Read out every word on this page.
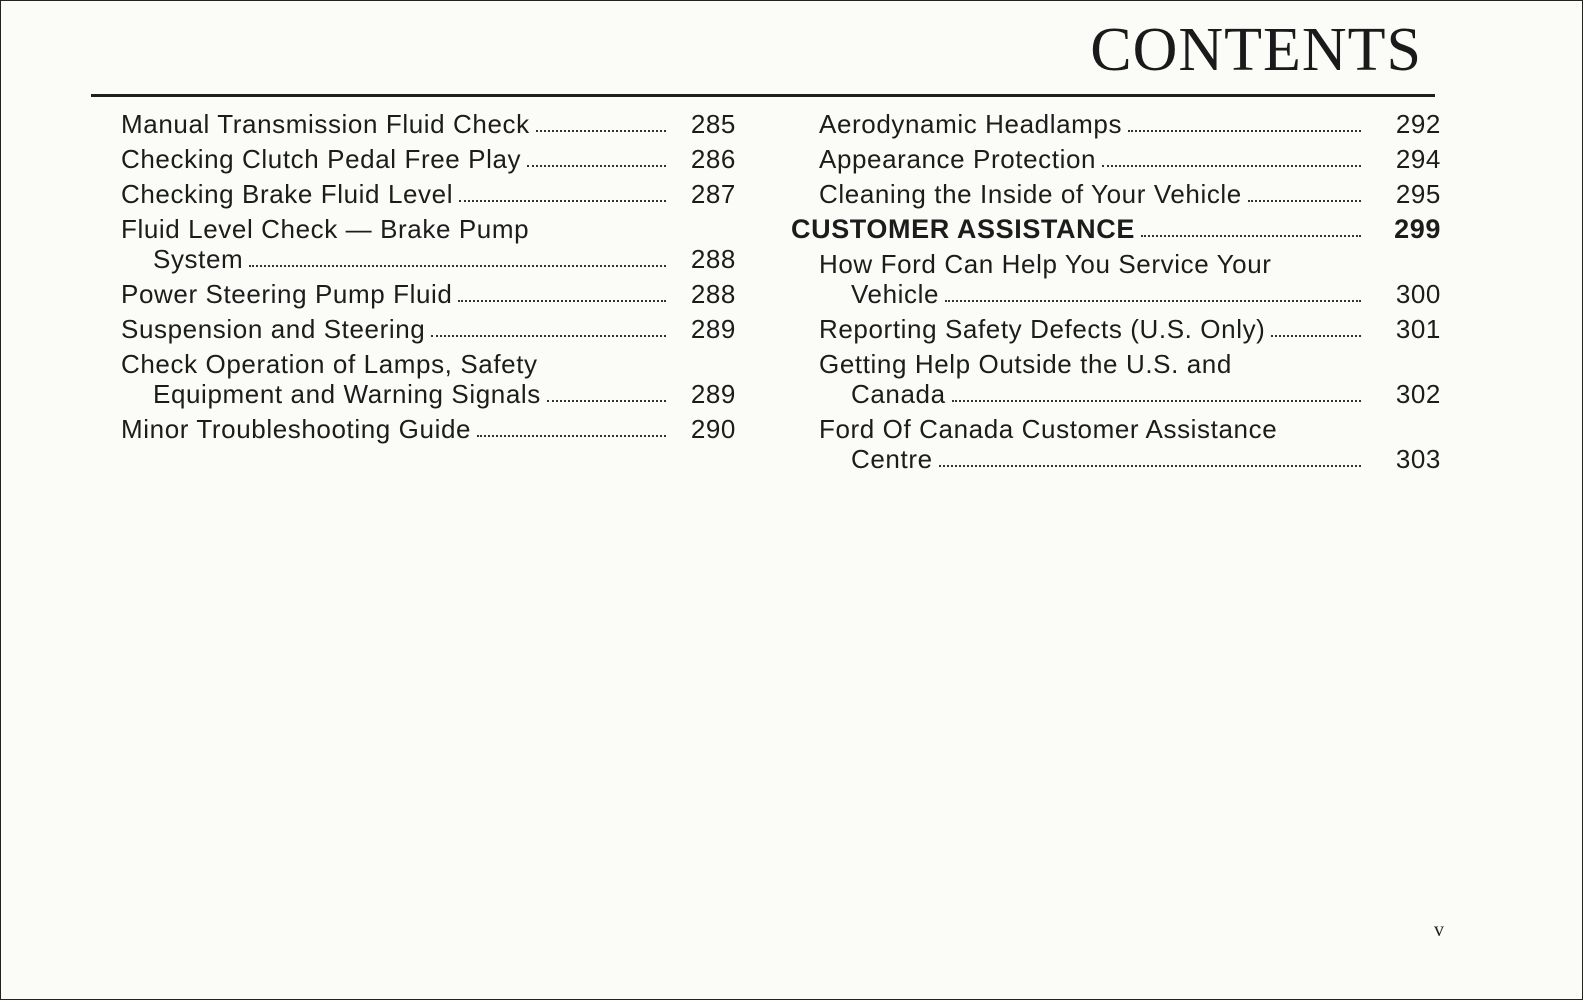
CONTENTS
Manual Transmission Fluid Check	285
Checking Clutch Pedal Free Play	286
Checking Brake Fluid Level	287
Fluid Level Check — Brake Pump
System	288
Power Steering Pump Fluid	288
Suspension and Steering	289
Check Operation of Lamps, Safety
Equipment and Warning Signals	289
Minor Troubleshooting Guide	290
Aerodynamic Headlamps	292
Appearance Protection	294
Cleaning the Inside of Your Vehicle	295
CUSTOMER ASSISTANCE	299
How Ford Can Help You Service Your
Vehicle	300
Reporting Safety Defects (U.S. Only)	301
Getting Help Outside the U.S. and
Canada	302
Ford Of Canada Customer Assistance
Centre	303
v
